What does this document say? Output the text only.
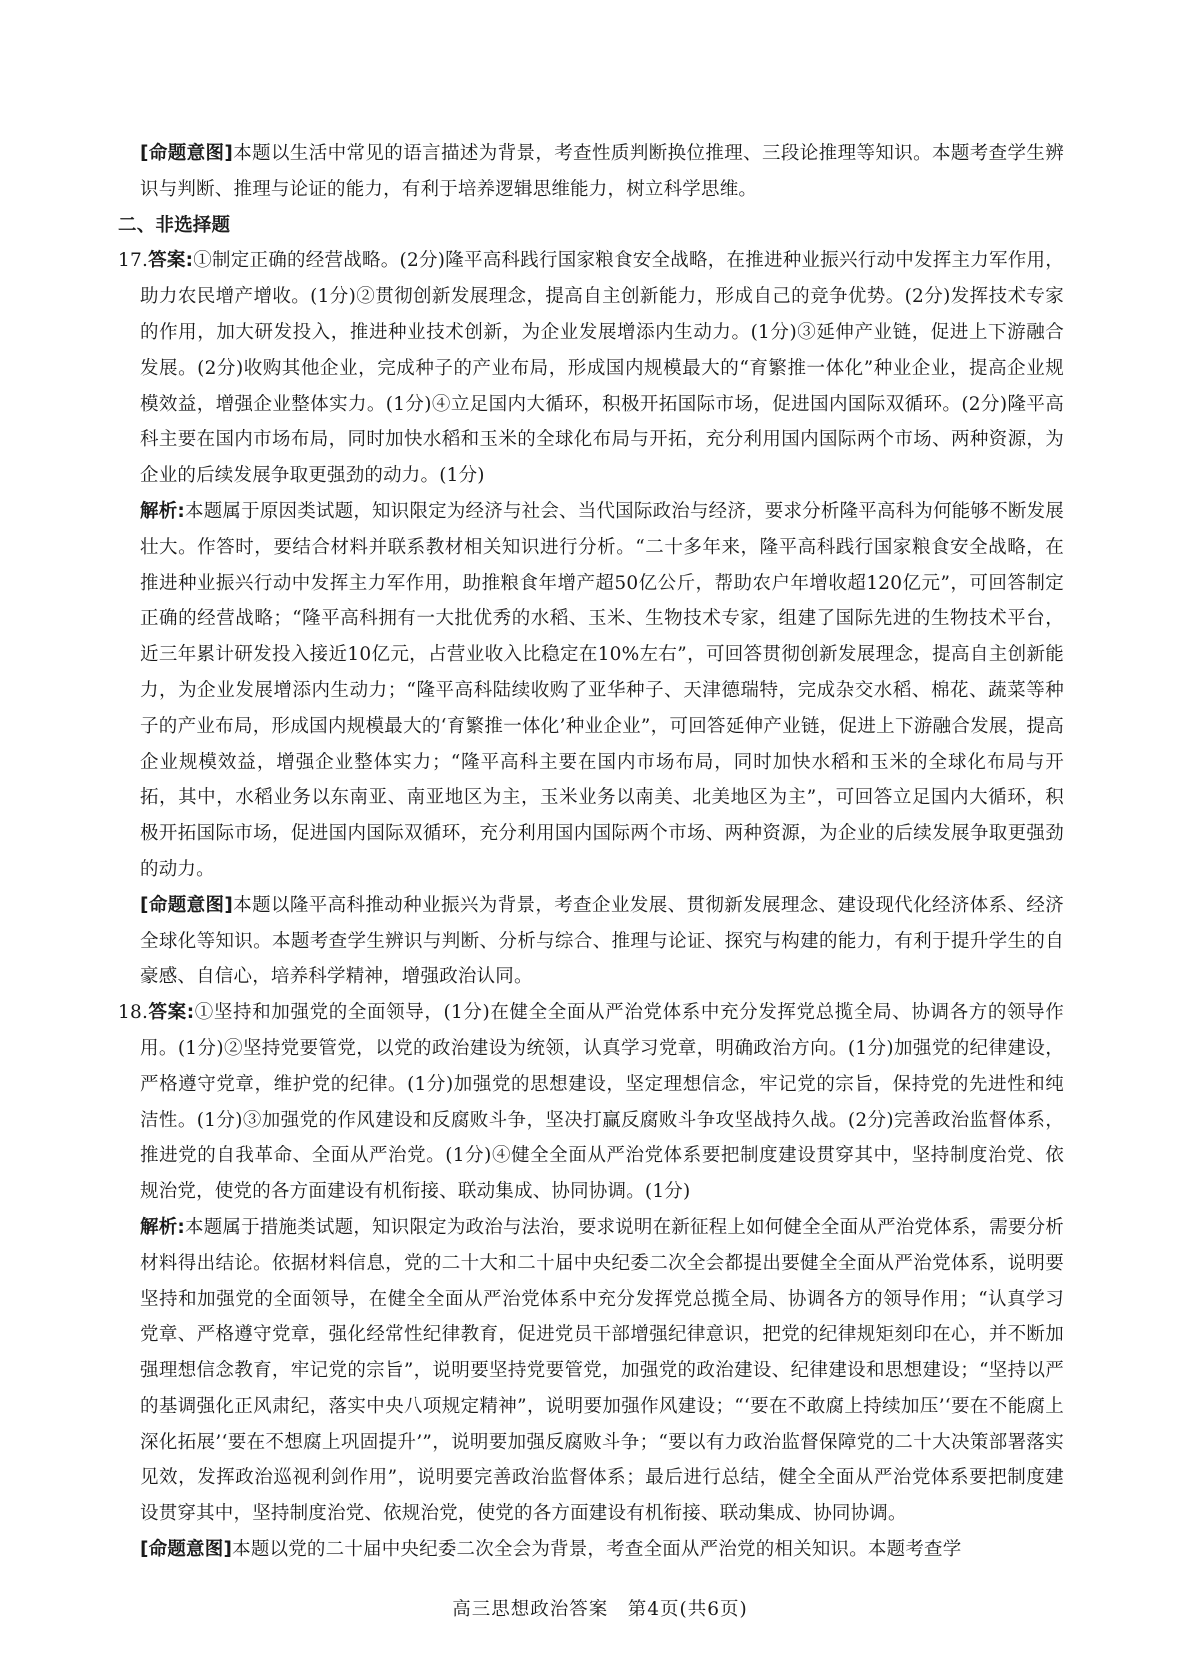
[命题意图]本题以生活中常见的语言描述为背景，考查性质判断换位推理、三段论推理等知识。本题考查学生辨识与判断、推理与论证的能力，有利于培养逻辑思维能力，树立科学思维。

二、非选择题

17.答案:①制定正确的经营战略。(2分)隆平高科践行国家粮食安全战略，在推进种业振兴行动中发挥主力军作用，助力农民增产增收。(1分)②贯彻创新发展理念，提高自主创新能力，形成自己的竞争优势。(2分)发挥技术专家的作用，加大研发投入，推进种业技术创新，为企业发展增添内生动力。(1分)③延伸产业链，促进上下游融合发展。(2分)收购其他企业，完成种子的产业布局，形成国内规模最大的“育繁推一体化”种业企业，提高企业规模效益，增强企业整体实力。(1分)④立足国内大循环，积极开拓国际市场，促进国内国际双循环。(2分)隆平高科主要在国内市场布局，同时加快水稻和玉米的全球化布局与开拓，充分利用国内国际两个市场、两种资源，为企业的后续发展争取更强劲的动力。(1分)

解析:本题属于原因类试题，知识限定为经济与社会、当代国际政治与经济，要求分析隆平高科为何能够不断发展壮大。作答时，要结合材料并联系教材相关知识进行分析。“二十多年来，隆平高科践行国家粮食安全战略，在推进种业振兴行动中发挥主力军作用，助推粮食年增产超50亿公斤，帮助农户年增收超120亿元”，可回答制定正确的经营战略；“隆平高科拥有一大批优秀的水稻、玉米、生物技术专家，组建了国际先进的生物技术平台，近三年累计研发投入接近10亿元，占营业收入比稳定在10%左右”，可回答贯彻创新发展理念，提高自主创新能力，为企业发展增添内生动力；“隆平高科陆续收购了亚华种子、天津德瑞特，完成杂交水稻、棉花、蔬菜等种子的产业布局，形成国内规模最大的‘育繁推一体化’种业企业”，可回答延伸产业链，促进上下游融合发展，提高企业规模效益，增强企业整体实力；“隆平高科主要在国内市场布局，同时加快水稻和玉米的全球化布局与开拓，其中，水稻业务以东南亚、南亚地区为主，玉米业务以南美、北美地区为主”，可回答立足国内大循环，积极开拓国际市场，促进国内国际双循环，充分利用国内国际两个市场、两种资源，为企业的后续发展争取更强劲的动力。

[命题意图]本题以隆平高科推动种业振兴为背景，考查企业发展、贯彻新发展理念、建设现代化经济体系、经济全球化等知识。本题考查学生辨识与判断、分析与综合、推理与论证、探究与构建的能力，有利于提升学生的自豪感、自信心，培养科学精神，增强政治认同。

18.答案:①坚持和加强党的全面领导，(1分)在健全全面从严治党体系中充分发挥党总揽全局、协调各方的领导作用。(1分)②坚持党要管党，以党的政治建设为统领，认真学习党章，明确政治方向。(1分)加强党的纪律建设，严格遵守党章，维护党的纪律。(1分)加强党的思想建设，坚定理想信念，牢记党的宗旨，保持党的先进性和纯洁性。(1分)③加强党的作风建设和反腐败斗争，坚决打赢反腐败斗争攻坚战持久战。(2分)完善政治监督体系，推进党的自我革命、全面从严治党。(1分)④健全全面从严治党体系要把制度建设贯穿其中，坚持制度治党、依规治党，使党的各方面建设有机衔接、联动集成、协同协调。(1分)

解析:本题属于措施类试题，知识限定为政治与法治，要求说明在新征程上如何健全全面从严治党体系，需要分析材料得出结论。依据材料信息，党的二十大和二十届中央纪委二次全会都提出要健全全面从严治党体系，说明要坚持和加强党的全面领导，在健全全面从严治党体系中充分发挥党总揽全局、协调各方的领导作用；“认真学习党章、严格遵守党章，强化经常性纪律教育，促进党员干部增强纪律意识，把党的纪律规矩刻印在心，并不断加强理想信念教育，牢记党的宗旨”，说明要坚持党要管党，加强党的政治建设、纪律建设和思想建设；“坚持以严的基调强化正风肃纪，落实中央八项规定精神”，说明要加强作风建设；“‘要在不敢腐上持续加压’‘要在不能腐上深化拓展’‘要在不想腐上巩固提升’”，说明要加强反腐败斗争；“要以有力政治监督保障党的二十大决策部署落实见效，发挥政治巡视利剑作用”，说明要完善政治监督体系；最后进行总结，健全全面从严治党体系要把制度建设贯穿其中，坚持制度治党、依规治党，使党的各方面建设有机衔接、联动集成、协同协调。

[命题意图]本题以党的二十届中央纪委二次全会为背景，考查全面从严治党的相关知识。本题考查学

高三思想政治答案　第4页(共6页)
